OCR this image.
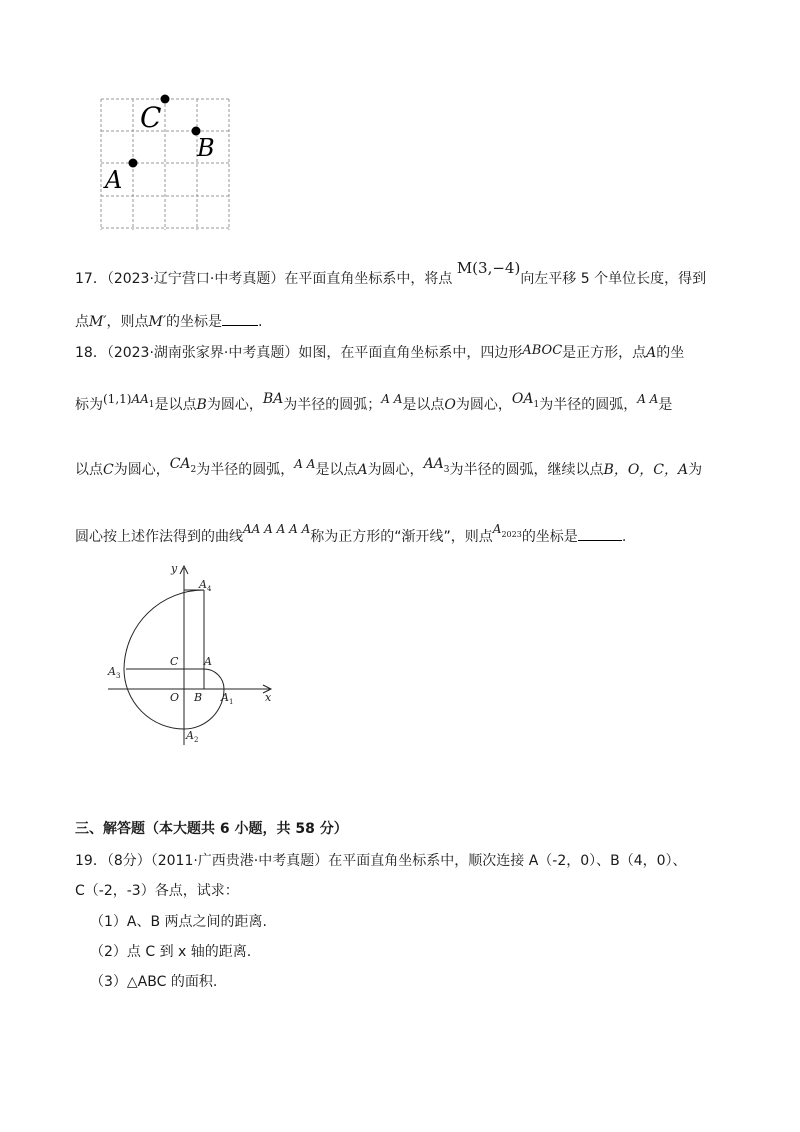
C
B
A
17．（2023·辽宁营口·中考真题）在平面直角坐标系中，将点 M(3,−4)向左平移 5 个单位长度，得到
点M′，则点M′的坐标是	.
18．（2023·湖南张家界·中考真题）如图，在平面直角坐标系中，四边形ABOC是正方形，点A的坐
标为$(1,1)AA_1$是以点B为圆心，BA为半径的圆弧；A A是以点O为圆心，$OA_1$为半径的圆弧，A A是
以点C为圆心，$CA_2$为半径的圆弧，A A是以点A为圆心，$AA_3$为半径的圆弧，继续以点B，O，C，A为
圆心按上述作法得到的曲线AA A A A A称为正方形的“渐开线”，则点$A_{2023}$的坐标是	.
y
x
O B
C A
$A_1$
$A_2$
$A_3$
$A_4$
三、解答题（本大题共 6 小题，共 58 分）
19．（8分）（2011·广西贵港·中考真题）在平面直角坐标系中，顺次连接 A（-2，0）、B（4，0）、
C（-2，-3）各点，试求：
（1）A、B 两点之间的距离.
（2）点 C 到 x 轴的距离.
（3）△ABC 的面积.
